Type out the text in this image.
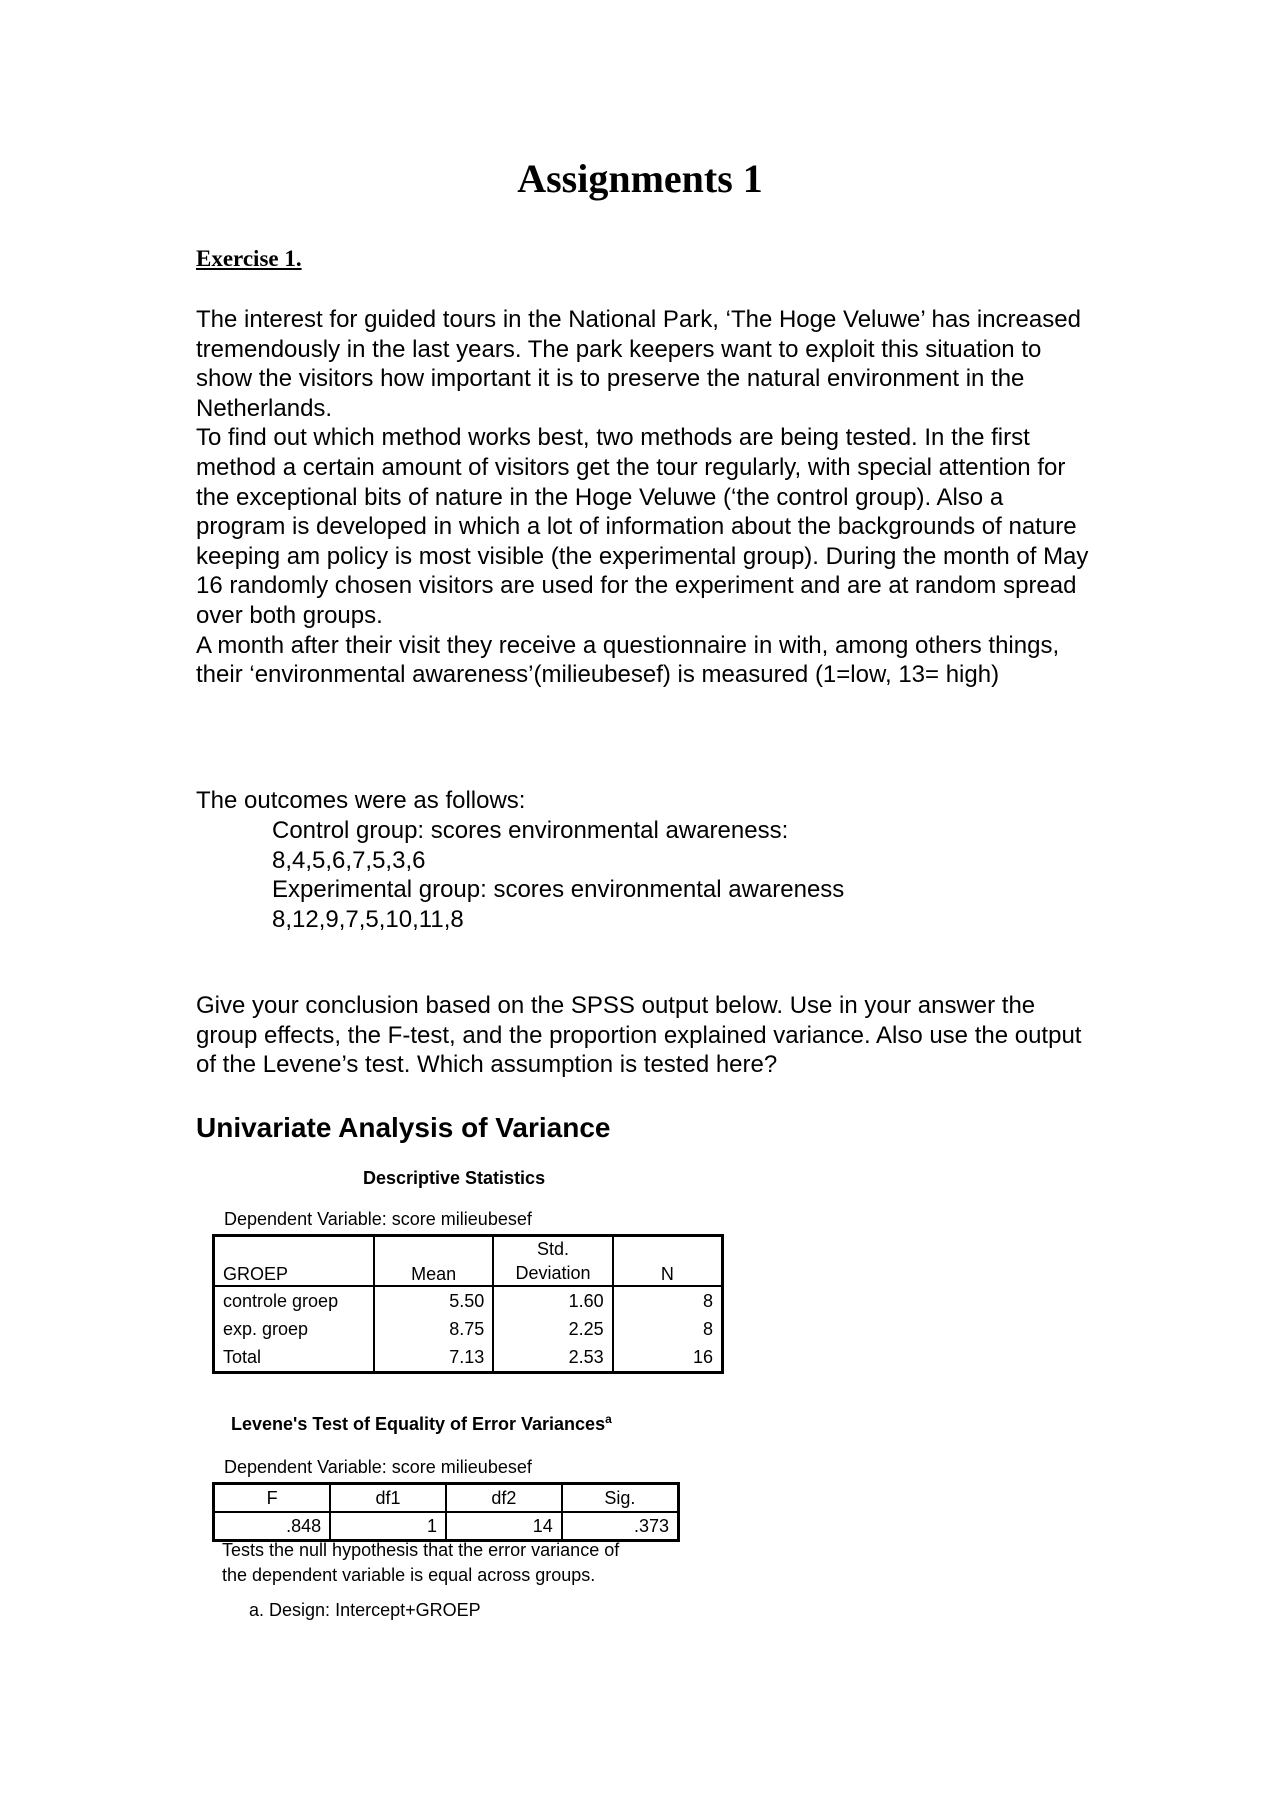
Assignments 1
Exercise 1.

The interest for guided tours in the National Park, ‘The Hoge Veluwe’ has increased tremendously in the last years. The park keepers want to exploit this situation to show the visitors how important it is to preserve the natural environment in the Netherlands.

To find out which method works best, two methods are being tested. In the first method a certain amount of visitors get the tour regularly, with special attention for the exceptional bits of nature in the Hoge Veluwe (‘the control group). Also a program is developed in which a lot of information about the backgrounds of nature keeping am policy is most visible (the experimental group). During the month of May 16 randomly chosen visitors are used for the experiment and are at random spread over both groups.

A month after their visit they receive a questionnaire in with, among others things, their ‘environmental awareness’(milieubesef) is measured (1=low, 13= high)

The outcomes were as follows:

Control group: scores environmental awareness:

8,4,5,6,7,5,3,6

Experimental group: scores environmental awareness

8,12,9,7,5,10,11,8

Give your conclusion based on the SPSS output below. Use in your answer the group effects, the F-test, and the proportion explained variance. Also use the output of the Levene’s test. Which assumption is tested here?

Univariate Analysis of Variance
Descriptive Statistics
Dependent Variable: score milieubesef
GROEP	Mean	Std.	N
		Deviation	
controle groep	5.50	1.60	8
exp. groep	8.75	2.25	8
Total	7.13	2.53	16
Levene's Test of Equality of Error Variances$^a$
Dependent Variable: score milieubesef
F	df1	df2	Sig.
.848	1	14	.373
Tests the null hypothesis that the error variance of
the dependent variable is equal across groups.
a. Design: Intercept+GROEP
